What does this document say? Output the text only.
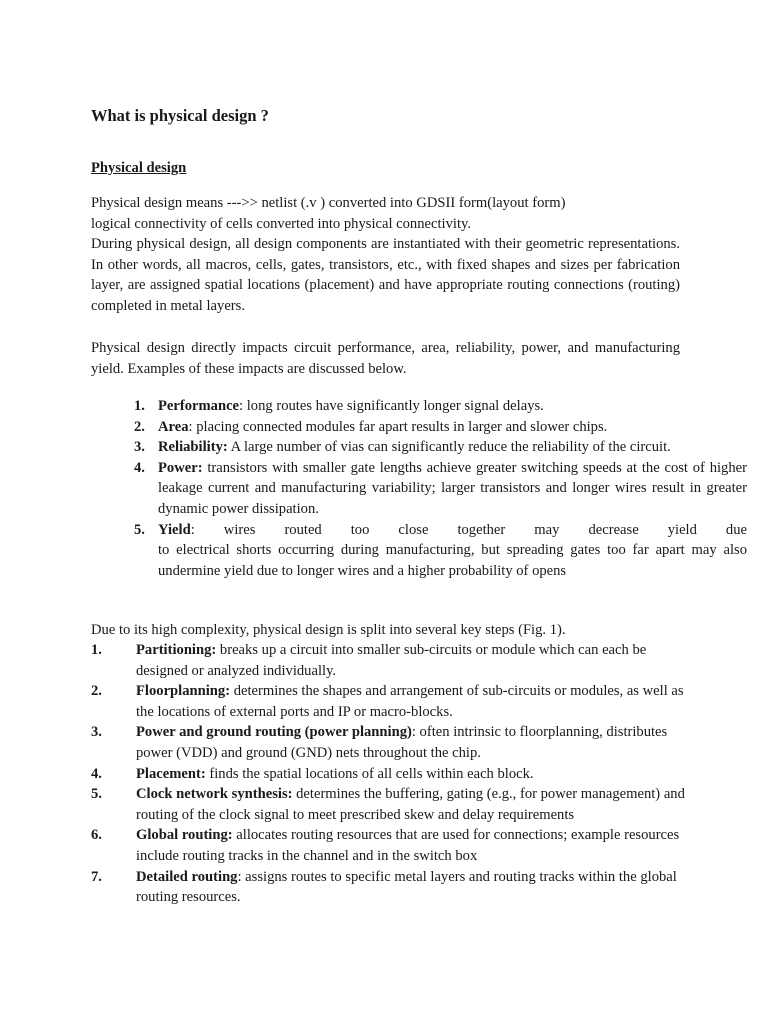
What is physical design ?
Physical design
Physical design means --->> netlist (.v ) converted into GDSII form(layout form)
logical connectivity of cells converted into physical connectivity.

During physical design, all design components are instantiated with their geometric representations. In other words, all macros, cells, gates, transistors, etc., with fixed shapes and sizes per fabrication layer, are assigned spatial locations (placement) and have appropriate routing connections (routing) completed in metal layers.

Physical design directly impacts circuit performance, area, reliability, power, and manufacturing yield. Examples of these impacts are discussed below.

1. Performance: long routes have significantly longer signal delays.
2. Area: placing connected modules far apart results in larger and slower chips.
3. Reliability: A large number of vias can significantly reduce the reliability of the circuit.
4. Power: transistors with smaller gate lengths achieve greater switching speeds at the cost of higher leakage current and manufacturing variability; larger transistors and longer wires result in greater dynamic power dissipation.
5. Yield: wires routed too close together may decrease yield due
to electrical shorts occurring during manufacturing, but spreading gates too far apart may also undermine yield due to longer wires and a higher probability of opens
Due to its high complexity, physical design is split into several key steps (Fig. 1).
1. Partitioning: breaks up a circuit into smaller sub-circuits or module which can each be designed or analyzed individually.
2. Floorplanning: determines the shapes and arrangement of sub-circuits or modules, as well as the locations of external ports and IP or macro-blocks.
3. Power and ground routing (power planning): often intrinsic to floorplanning, distributes power (VDD) and ground (GND) nets throughout the chip.
4. Placement: finds the spatial locations of all cells within each block.
5. Clock network synthesis: determines the buffering, gating (e.g., for power management) and routing of the clock signal to meet prescribed skew and delay requirements
6. Global routing: allocates routing resources that are used for connections; example resources include routing tracks in the channel and in the switch box
7. Detailed routing: assigns routes to specific metal layers and routing tracks within the global routing resources.
